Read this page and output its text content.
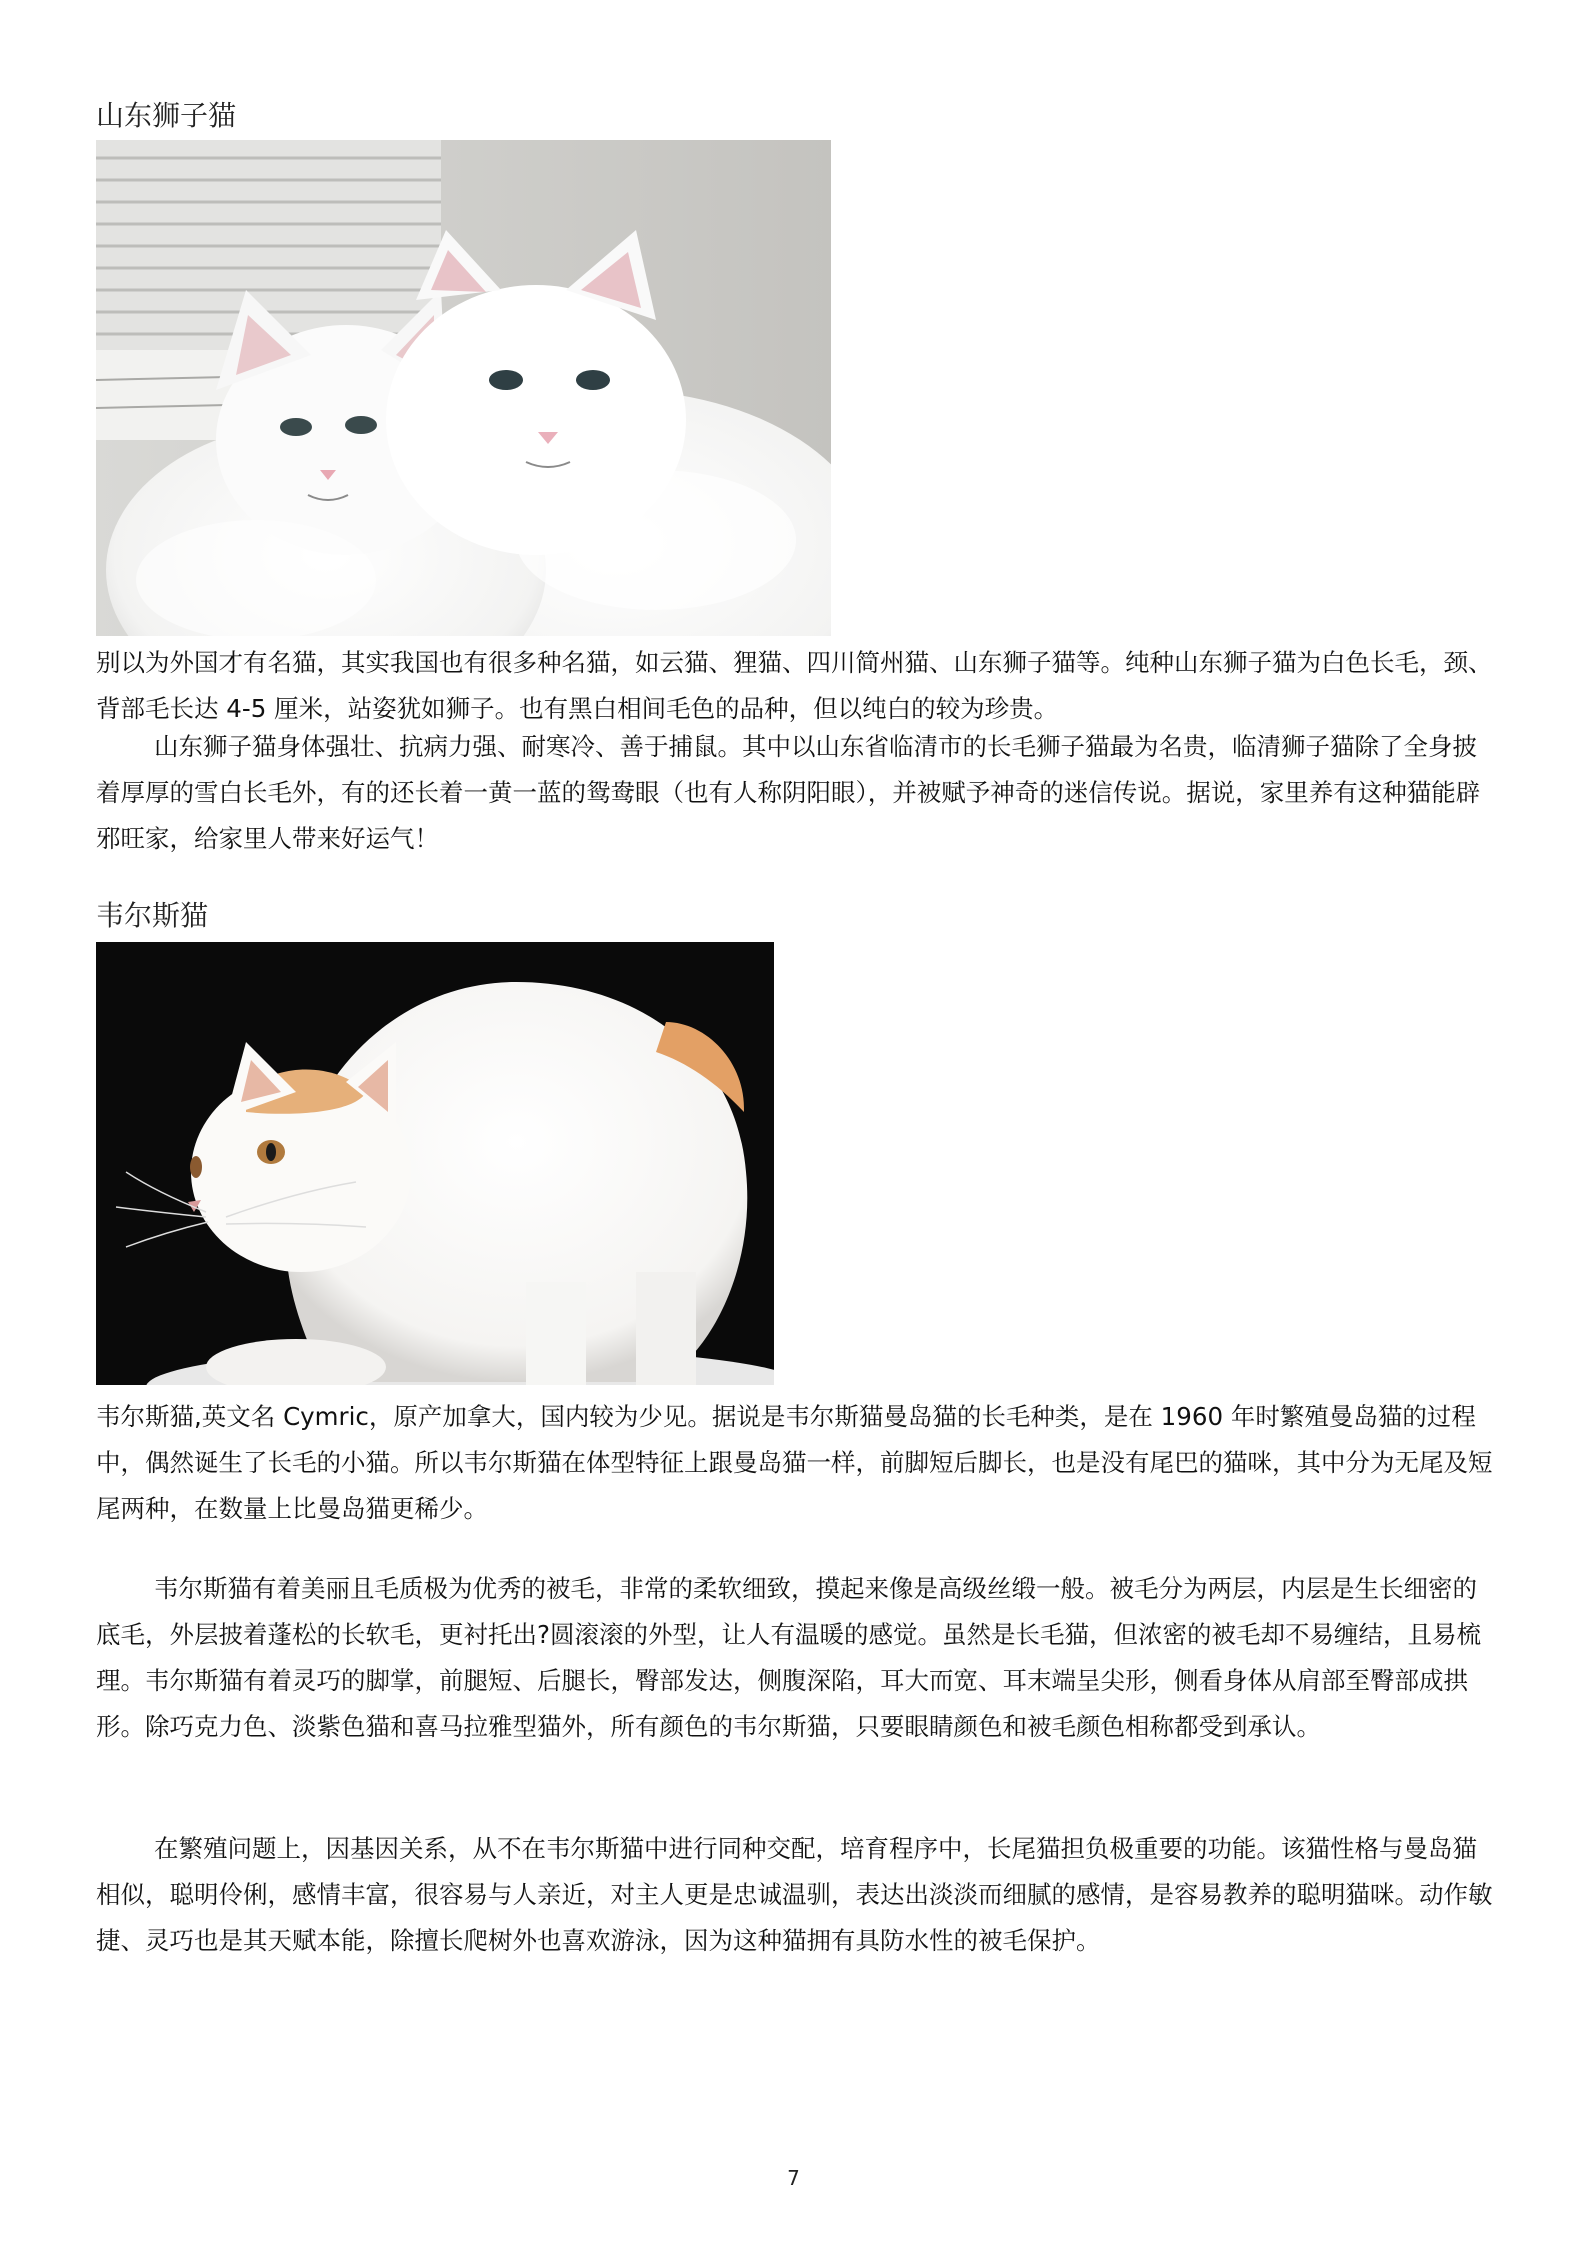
山东狮子猫

别以为外国才有名猫，其实我国也有很多种名猫，如云猫、狸猫、四川简州猫、山东狮子猫等。纯种山东狮子猫为白色长毛，颈、背部毛长达 4-5 厘米，站姿犹如狮子。也有黑白相间毛色的品种，但以纯白的较为珍贵。

山东狮子猫身体强壮、抗病力强、耐寒冷、善于捕鼠。其中以山东省临清市的长毛狮子猫最为名贵，临清狮子猫除了全身披着厚厚的雪白长毛外，有的还长着一黄一蓝的鸳鸯眼（也有人称阴阳眼），并被赋予神奇的迷信传说。据说，家里养有这种猫能辟邪旺家，给家里人带来好运气！

韦尔斯猫

韦尔斯猫,英文名 Cymric，原产加拿大，国内较为少见。据说是韦尔斯猫曼岛猫的长毛种类，是在 1960 年时繁殖曼岛猫的过程中，偶然诞生了长毛的小猫。所以韦尔斯猫在体型特征上跟曼岛猫一样，前脚短后脚长，也是没有尾巴的猫咪，其中分为无尾及短尾两种，在数量上比曼岛猫更稀少。

韦尔斯猫有着美丽且毛质极为优秀的被毛，非常的柔软细致，摸起来像是高级丝缎一般。被毛分为两层，内层是生长细密的底毛，外层披着蓬松的长软毛，更衬托出?圆滚滚的外型，让人有温暖的感觉。虽然是长毛猫，但浓密的被毛却不易缠结，且易梳理。韦尔斯猫有着灵巧的脚掌，前腿短、后腿长，臀部发达，侧腹深陷，耳大而宽、耳末端呈尖形，侧看身体从肩部至臀部成拱形。除巧克力色、淡紫色猫和喜马拉雅型猫外，所有颜色的韦尔斯猫，只要眼睛颜色和被毛颜色相称都受到承认。

在繁殖问题上，因基因关系，从不在韦尔斯猫中进行同种交配，培育程序中，长尾猫担负极重要的功能。该猫性格与曼岛猫相似，聪明伶俐，感情丰富，很容易与人亲近，对主人更是忠诚温驯，表达出淡淡而细腻的感情，是容易教养的聪明猫咪。动作敏捷、灵巧也是其天赋本能，除擅长爬树外也喜欢游泳，因为这种猫拥有具防水性的被毛保护。

7
